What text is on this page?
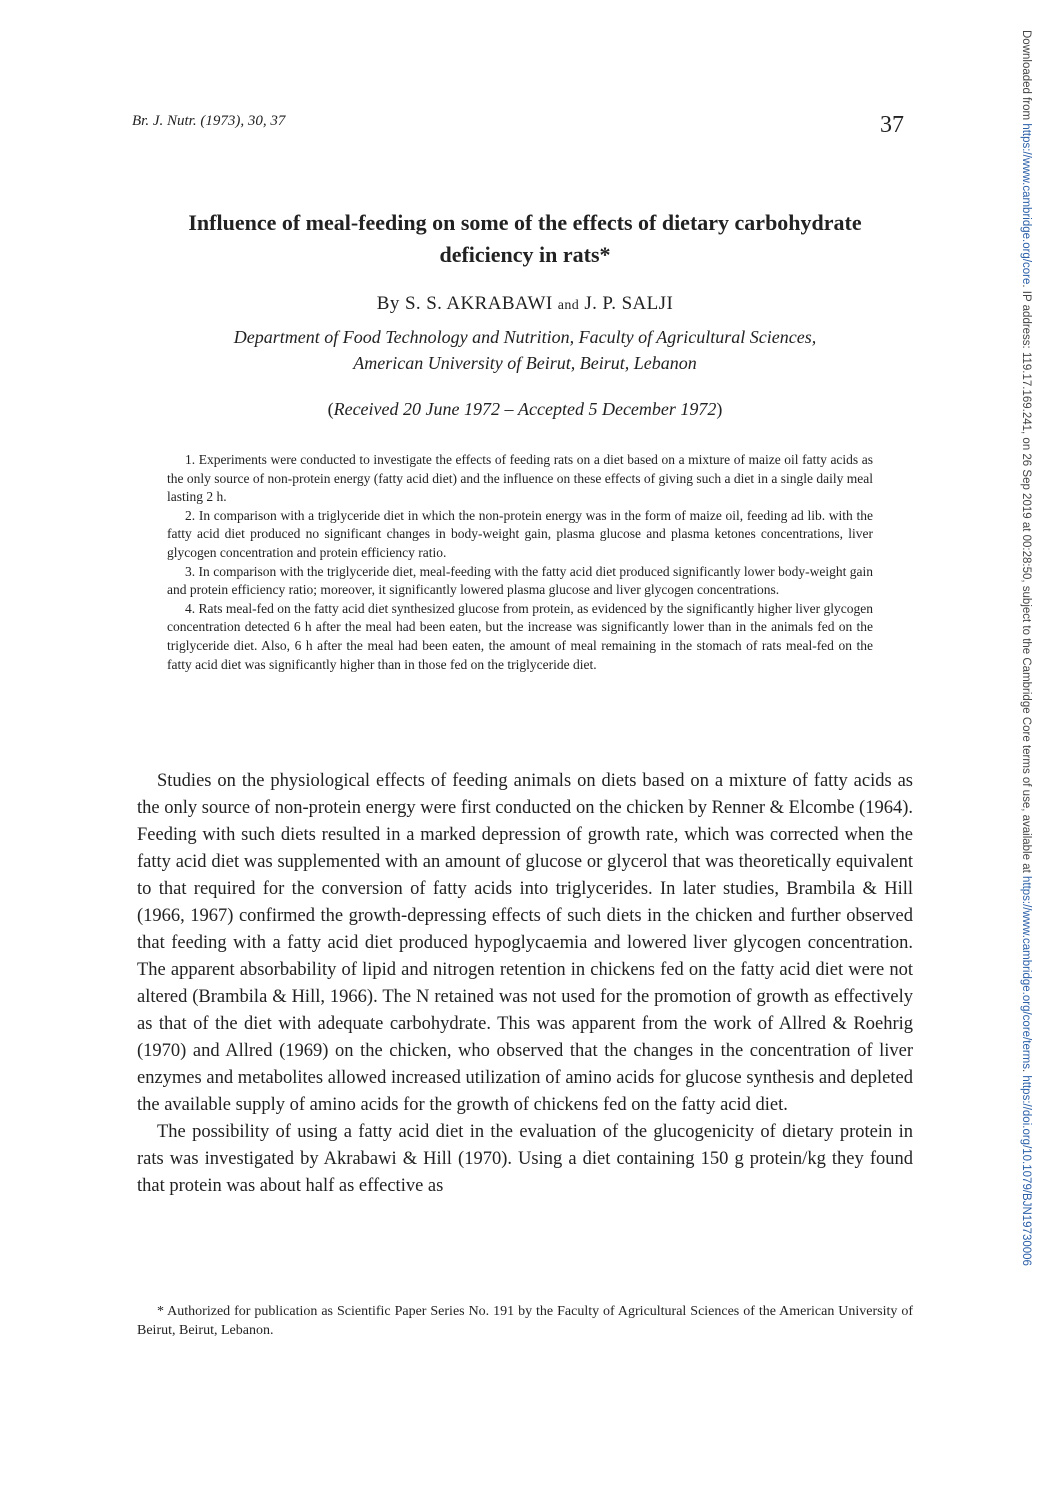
Br. J. Nutr. (1973), 30, 37	37
Downloaded from https://www.cambridge.org/core. IP address: 119.17.169.241, on 26 Sep 2019 at 00:28:50, subject to the Cambridge Core terms of use, available at https://www.cambridge.org/core/terms. https://doi.org/10.1079/BJN19730006
Influence of meal-feeding on some of the effects of dietary carbohydrate deficiency in rats*
By S. S. AKRABAWI and J. P. SALJI
Department of Food Technology and Nutrition, Faculty of Agricultural Sciences,
American University of Beirut, Beirut, Lebanon
(Received 20 June 1972 – Accepted 5 December 1972)

1. Experiments were conducted to investigate the effects of feeding rats on a diet based on a mixture of maize oil fatty acids as the only source of non-protein energy (fatty acid diet) and the influence on these effects of giving such a diet in a single daily meal lasting 2 h.

2. In comparison with a triglyceride diet in which the non-protein energy was in the form of maize oil, feeding ad lib. with the fatty acid diet produced no significant changes in body-weight gain, plasma glucose and plasma ketones concentrations, liver glycogen concentration and protein efficiency ratio.

3. In comparison with the triglyceride diet, meal-feeding with the fatty acid diet produced significantly lower body-weight gain and protein efficiency ratio; moreover, it significantly lowered plasma glucose and liver glycogen concentrations.

4. Rats meal-fed on the fatty acid diet synthesized glucose from protein, as evidenced by the significantly higher liver glycogen concentration detected 6 h after the meal had been eaten, but the increase was significantly lower than in the animals fed on the triglyceride diet. Also, 6 h after the meal had been eaten, the amount of meal remaining in the stomach of rats meal-fed on the fatty acid diet was significantly higher than in those fed on the triglyceride diet.

Studies on the physiological effects of feeding animals on diets based on a mixture of fatty acids as the only source of non-protein energy were first conducted on the chicken by Renner & Elcombe (1964). Feeding with such diets resulted in a marked depression of growth rate, which was corrected when the fatty acid diet was supplemented with an amount of glucose or glycerol that was theoretically equivalent to that required for the conversion of fatty acids into triglycerides. In later studies, Brambila & Hill (1966, 1967) confirmed the growth-depressing effects of such diets in the chicken and further observed that feeding with a fatty acid diet produced hypoglycaemia and lowered liver glycogen concentration. The apparent absorbability of lipid and nitrogen retention in chickens fed on the fatty acid diet were not altered (Brambila & Hill, 1966). The N retained was not used for the promotion of growth as effectively as that of the diet with adequate carbohydrate. This was apparent from the work of Allred & Roehrig (1970) and Allred (1969) on the chicken, who observed that the changes in the concentration of liver enzymes and metabolites allowed increased utilization of amino acids for glucose synthesis and depleted the available supply of amino acids for the growth of chickens fed on the fatty acid diet.

The possibility of using a fatty acid diet in the evaluation of the glucogenicity of dietary protein in rats was investigated by Akrabawi & Hill (1970). Using a diet containing 150 g protein/kg they found that protein was about half as effective as

* Authorized for publication as Scientific Paper Series No. 191 by the Faculty of Agricultural Sciences of the American University of Beirut, Beirut, Lebanon.
